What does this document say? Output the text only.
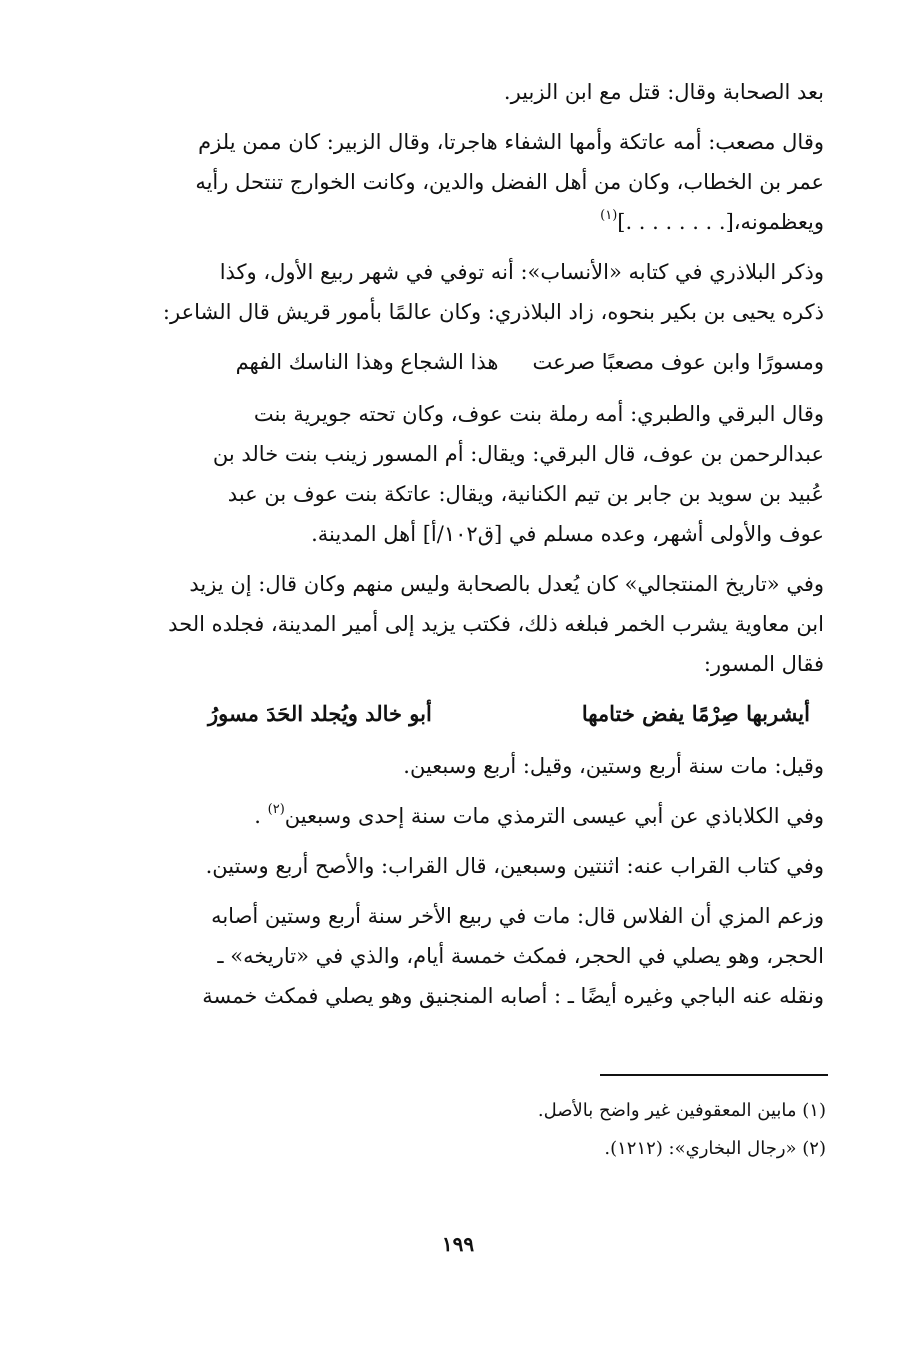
بعد الصحابة وقال: قتل مع ابن الزبير.
وقال مصعب: أمه عاتكة وأمها الشفاء هاجرتا، وقال الزبير: كان ممن يلزم
عمر بن الخطاب، وكان من أهل الفضل والدين، وكانت الخوارج تنتحل رأيه
ويعظمونه،[. . . . . . . .]$^{(١)}$
وذكر البلاذري في كتابه «الأنساب»: أنه توفي في شهر ربيع الأول، وكذا
ذكره يحيى بن بكير بنحوه، زاد البلاذري: وكان عالمًا بأمور قريش قال الشاعر:
ومسورًا وابن عوف مصعبًا صرعت
هذا الشجاع وهذا الناسك الفهم
وقال البرقي والطبري: أمه رملة بنت عوف، وكان تحته جويرية بنت
عبدالرحمن بن عوف، قال البرقي: ويقال: أم المسور زينب بنت خالد بن
عُبيد بن سويد بن جابر بن تيم الكنانية، ويقال: عاتكة بنت عوف بن عبد
عوف والأولى أشهر، وعده مسلم في [ق١٠٢/أ] أهل المدينة.
وفي «تاريخ المنتجالي» كان يُعدل بالصحابة وليس منهم وكان قال: إن يزيد
ابن معاوية يشرب الخمر فبلغه ذلك، فكتب يزيد إلى أمير المدينة، فجلده الحد
فقال المسور:
أيشربها صِرْمًا يفض ختامها
أبو خالد ويُجلد الحَدَ مسورُ
وقيل: مات سنة أربع وستين، وقيل: أربع وسبعين.
وفي الكلاباذي عن أبي عيسى الترمذي مات سنة إحدى وسبعين$^{(٢)}$ .
وفي كتاب القراب عنه: اثنتين وسبعين، قال القراب: والأصح أربع وستين.
وزعم المزي أن الفلاس قال: مات في ربيع الأخر سنة أربع وستين أصابه
الحجر، وهو يصلي في الحجر، فمكث خمسة أيام، والذي في «تاريخه» ـ
ونقله عنه الباجي وغيره أيضًا ـ : أصابه المنجنيق وهو يصلي فمكث خمسة
(١) مابين المعقوفين غير واضح بالأصل.
(٢) «رجال البخاري»: (١٢١٢).
١٩٩
